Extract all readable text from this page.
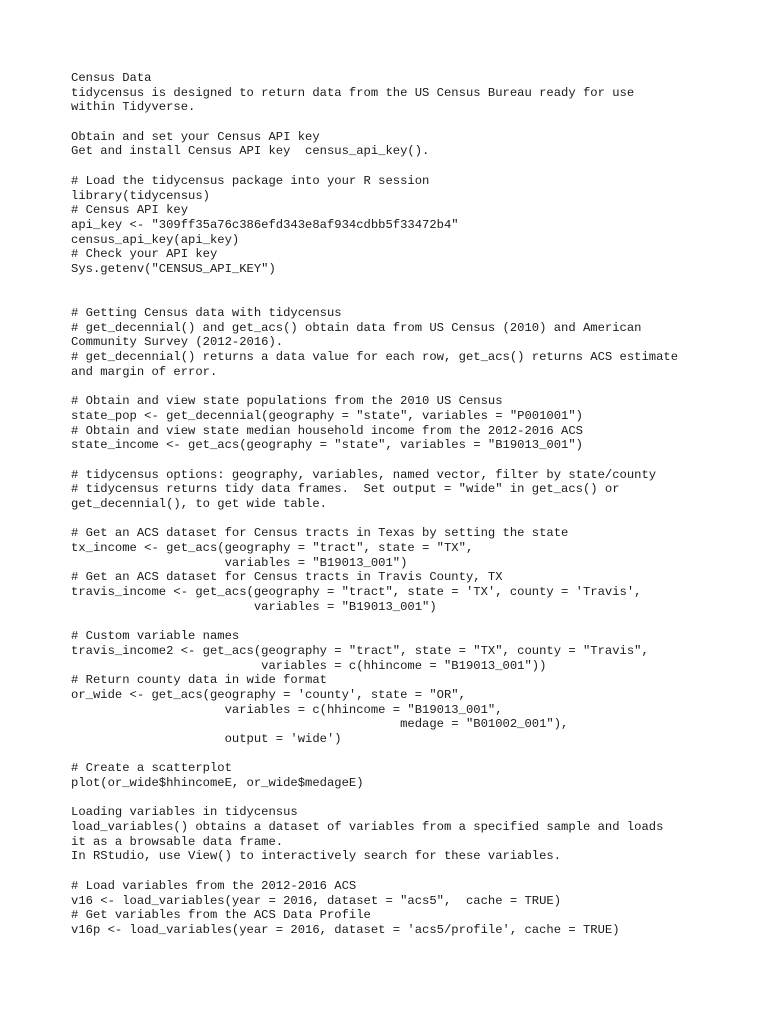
Census Data
tidycensus is designed to return data from the US Census Bureau ready for use
within Tidyverse.
Obtain and set your Census API key
Get and install Census API key  census_api_key().
# Load the tidycensus package into your R session
library(tidycensus)
# Census API key
api_key <- "309ff35a76c386efd343e8af934cdbb5f33472b4"
census_api_key(api_key)
# Check your API key
Sys.getenv("CENSUS_API_KEY")
# Getting Census data with tidycensus
# get_decennial() and get_acs() obtain data from US Census (2010) and American
Community Survey (2012-2016).
# get_decennial() returns a data value for each row, get_acs() returns ACS estimate
and margin of error.
# Obtain and view state populations from the 2010 US Census
state_pop <- get_decennial(geography = "state", variables = "P001001")
# Obtain and view state median household income from the 2012-2016 ACS
state_income <- get_acs(geography = "state", variables = "B19013_001")
# tidycensus options: geography, variables, named vector, filter by state/county
# tidycensus returns tidy data frames.  Set output = "wide" in get_acs() or
get_decennial(), to get wide table.
# Get an ACS dataset for Census tracts in Texas by setting the state
tx_income <- get_acs(geography = "tract", state = "TX",
variables = "B19013_001")
# Get an ACS dataset for Census tracts in Travis County, TX
travis_income <- get_acs(geography = "tract", state = 'TX', county = 'Travis',
variables = "B19013_001")
# Custom variable names
travis_income2 <- get_acs(geography = "tract", state = "TX", county = "Travis",
variables = c(hhincome = "B19013_001"))
# Return county data in wide format
or_wide <- get_acs(geography = 'county', state = "OR",
variables = c(hhincome = "B19013_001",
medage = "B01002_001"),
output = 'wide')
# Create a scatterplot
plot(or_wide$hhincomeE, or_wide$medageE)
Loading variables in tidycensus
load_variables() obtains a dataset of variables from a specified sample and loads
it as a browsable data frame.
In RStudio, use View() to interactively search for these variables.
# Load variables from the 2012-2016 ACS
v16 <- load_variables(year = 2016, dataset = "acs5",  cache = TRUE)
# Get variables from the ACS Data Profile
v16p <- load_variables(year = 2016, dataset = 'acs5/profile', cache = TRUE)
